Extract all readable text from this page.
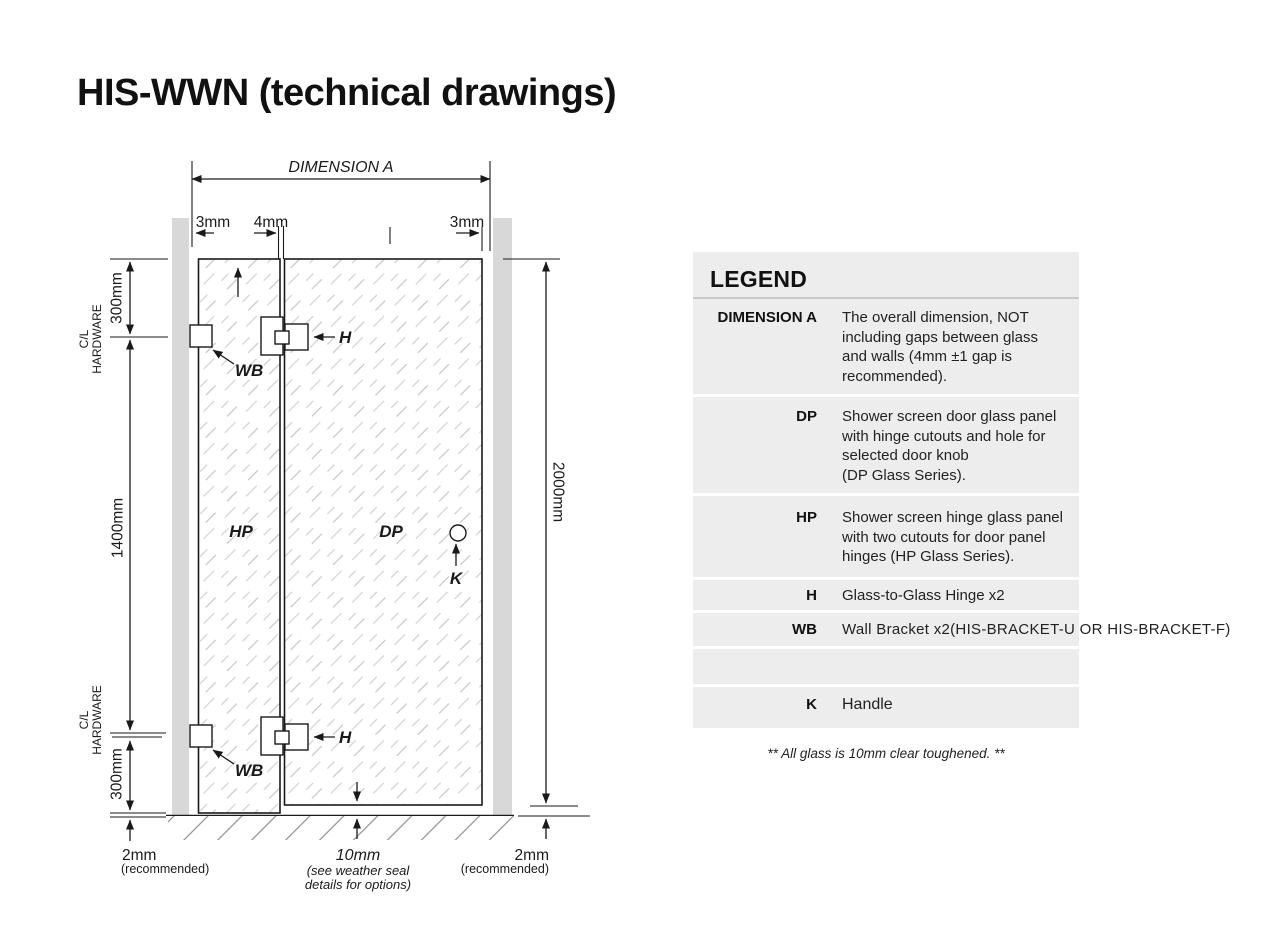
HIS-WWN (technical drawings)
HP	DP
DIMENSION A
3mm 4mm	3mm
2000mm
300mm
1400mm
300mm
C/L HARDWARE
C/L HARDWARE
WB
WB
H
H
K
2mm
(recommended)
10mm
(see weather seal
details for options)
2mm
(recommended)
LEGEND
DIMENSION A The overall dimension, NOT
including gaps between glass
and walls (4mm ±1 gap is
recommended).
DP Shower screen door glass panel
with hinge cutouts and hole for
selected door knob
(DP Glass Series).
HP Shower screen hinge glass panel
with two cutouts for door panel
hinges (HP Glass Series).
H Glass-to-Glass Hinge x2
WB Wall Bracket x2(HIS-BRACKET-U OR HIS-BRACKET-F)
K Handle
** All glass is 10mm clear toughened. **
